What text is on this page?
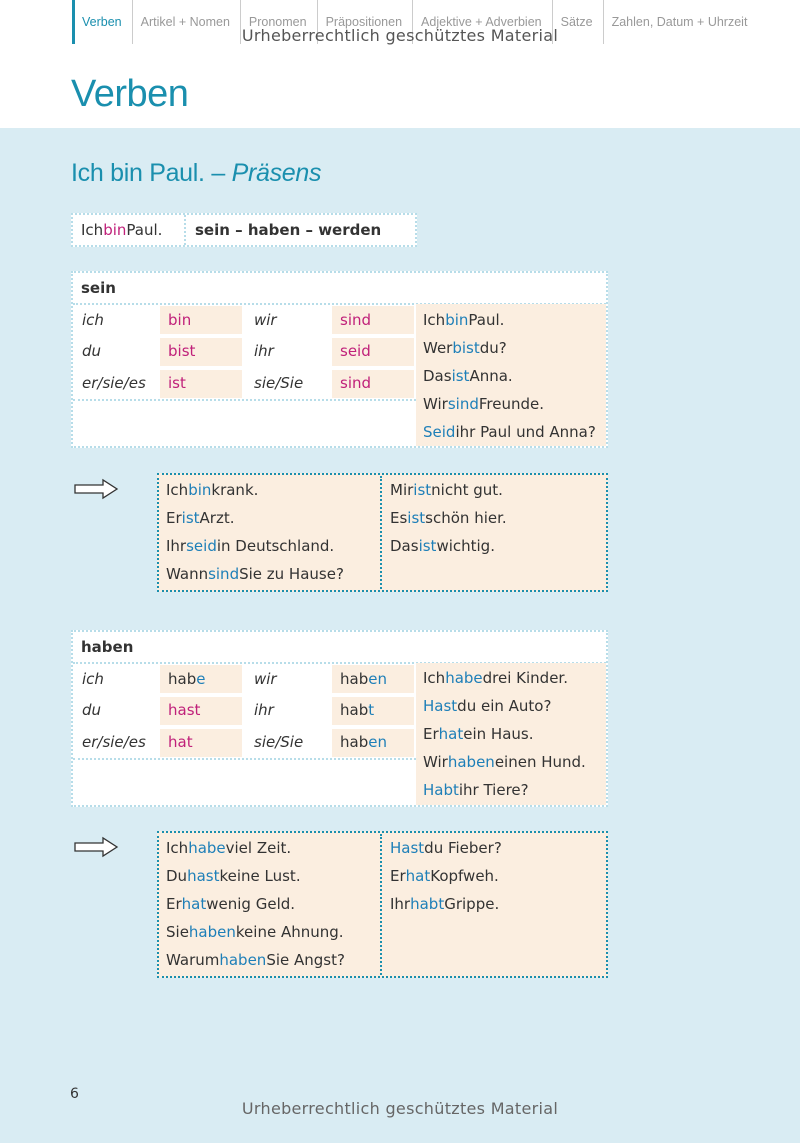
Verben	Artikel + Nomen	Pronomen	Präpositionen	Adjektive + Adverbien	Sätze	Zahlen, Datum + Uhrzeit
Urheberrechtlich geschütztes Material
Verben
Ich bin Paul. – Präsens
Ich bin Paul.	sein – haben – werden
sein
ich	bin	wir	sind
du	bist	ihr	seid
er/sie/es ist	sie/Sie sind
Ich bin Paul.
Wer bist du?
Das ist Anna.
Wir sind Freunde.
Seid ihr Paul und Anna?
Ich bin krank.
Er ist Arzt.
Ihr seid in Deutschland.
Wann sind Sie zu Hause?
Mir ist nicht gut.
Es ist schön hier.
Das ist wichtig.
haben
ich	hab e	wir	hab en
du	hast	ihr	hab t
er/sie/es hat	sie/Sie hab en
Ich habe drei Kinder.
Hast du ein Auto?
Er hat ein Haus.
Wir haben einen Hund.
Habt ihr Tiere?
Ich habe viel Zeit.
Du hast keine Lust.
Er hat wenig Geld.
Sie haben keine Ahnung.
Warum haben Sie Angst?
Hast du Fieber?
Er hat Kopfweh.
Ihr habt Grippe.
6
Urheberrechtlich geschütztes Material
